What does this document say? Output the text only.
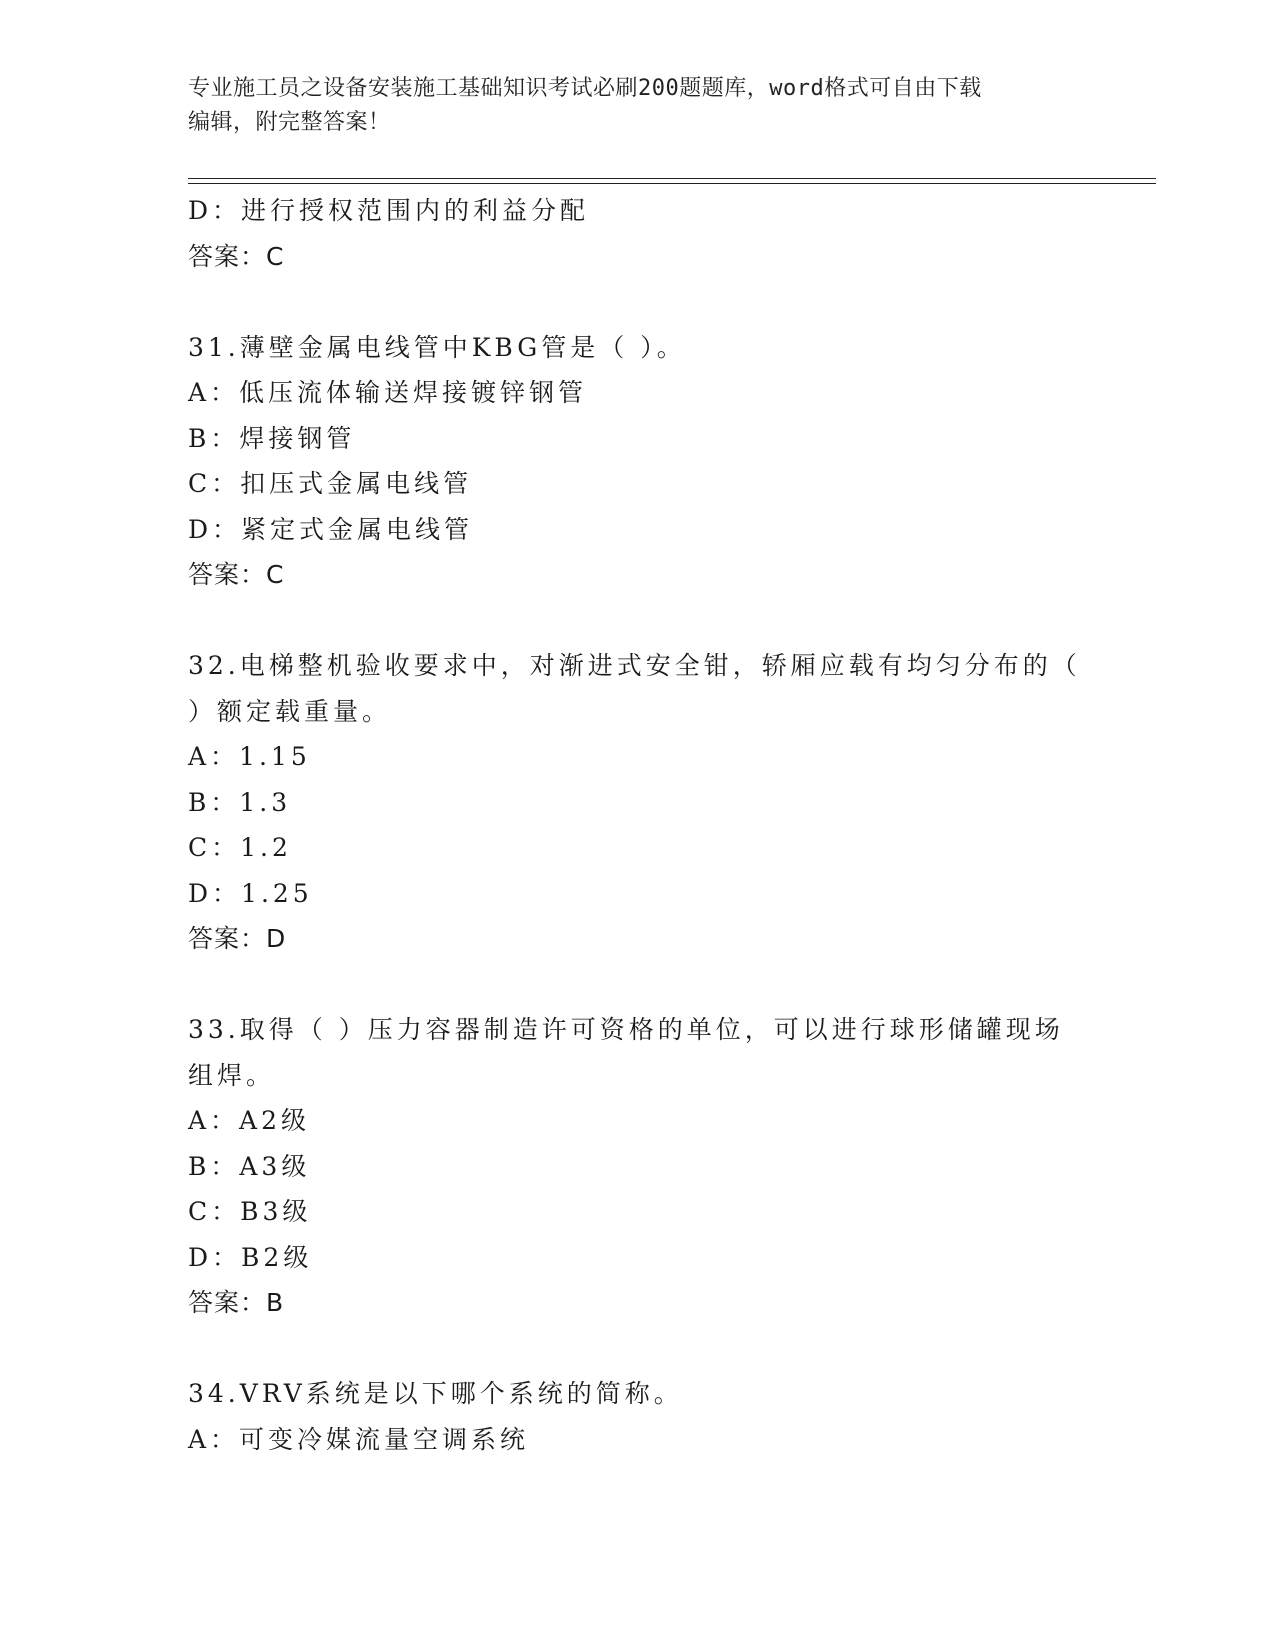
专业施工员之设备安装施工基础知识考试必刷200题题库，word格式可自由下载
编辑，附完整答案！
D：进行授权范围内的利益分配
答案：C
31.薄壁金属电线管中KBG管是（ ）。
A：低压流体输送焊接镀锌钢管
B：焊接钢管
C：扣压式金属电线管
D：紧定式金属电线管
答案：C
32.电梯整机验收要求中，对渐进式安全钳，轿厢应载有均匀分布的（
）额定载重量。
A：1.15
B：1.3
C：1.2
D：1.25
答案：D
33.取得（ ）压力容器制造许可资格的单位，可以进行球形储罐现场
组焊。
A：A2级
B：A3级
C：B3级
D：B2级
答案：B
34.VRV系统是以下哪个系统的简称。
A：可变冷媒流量空调系统
